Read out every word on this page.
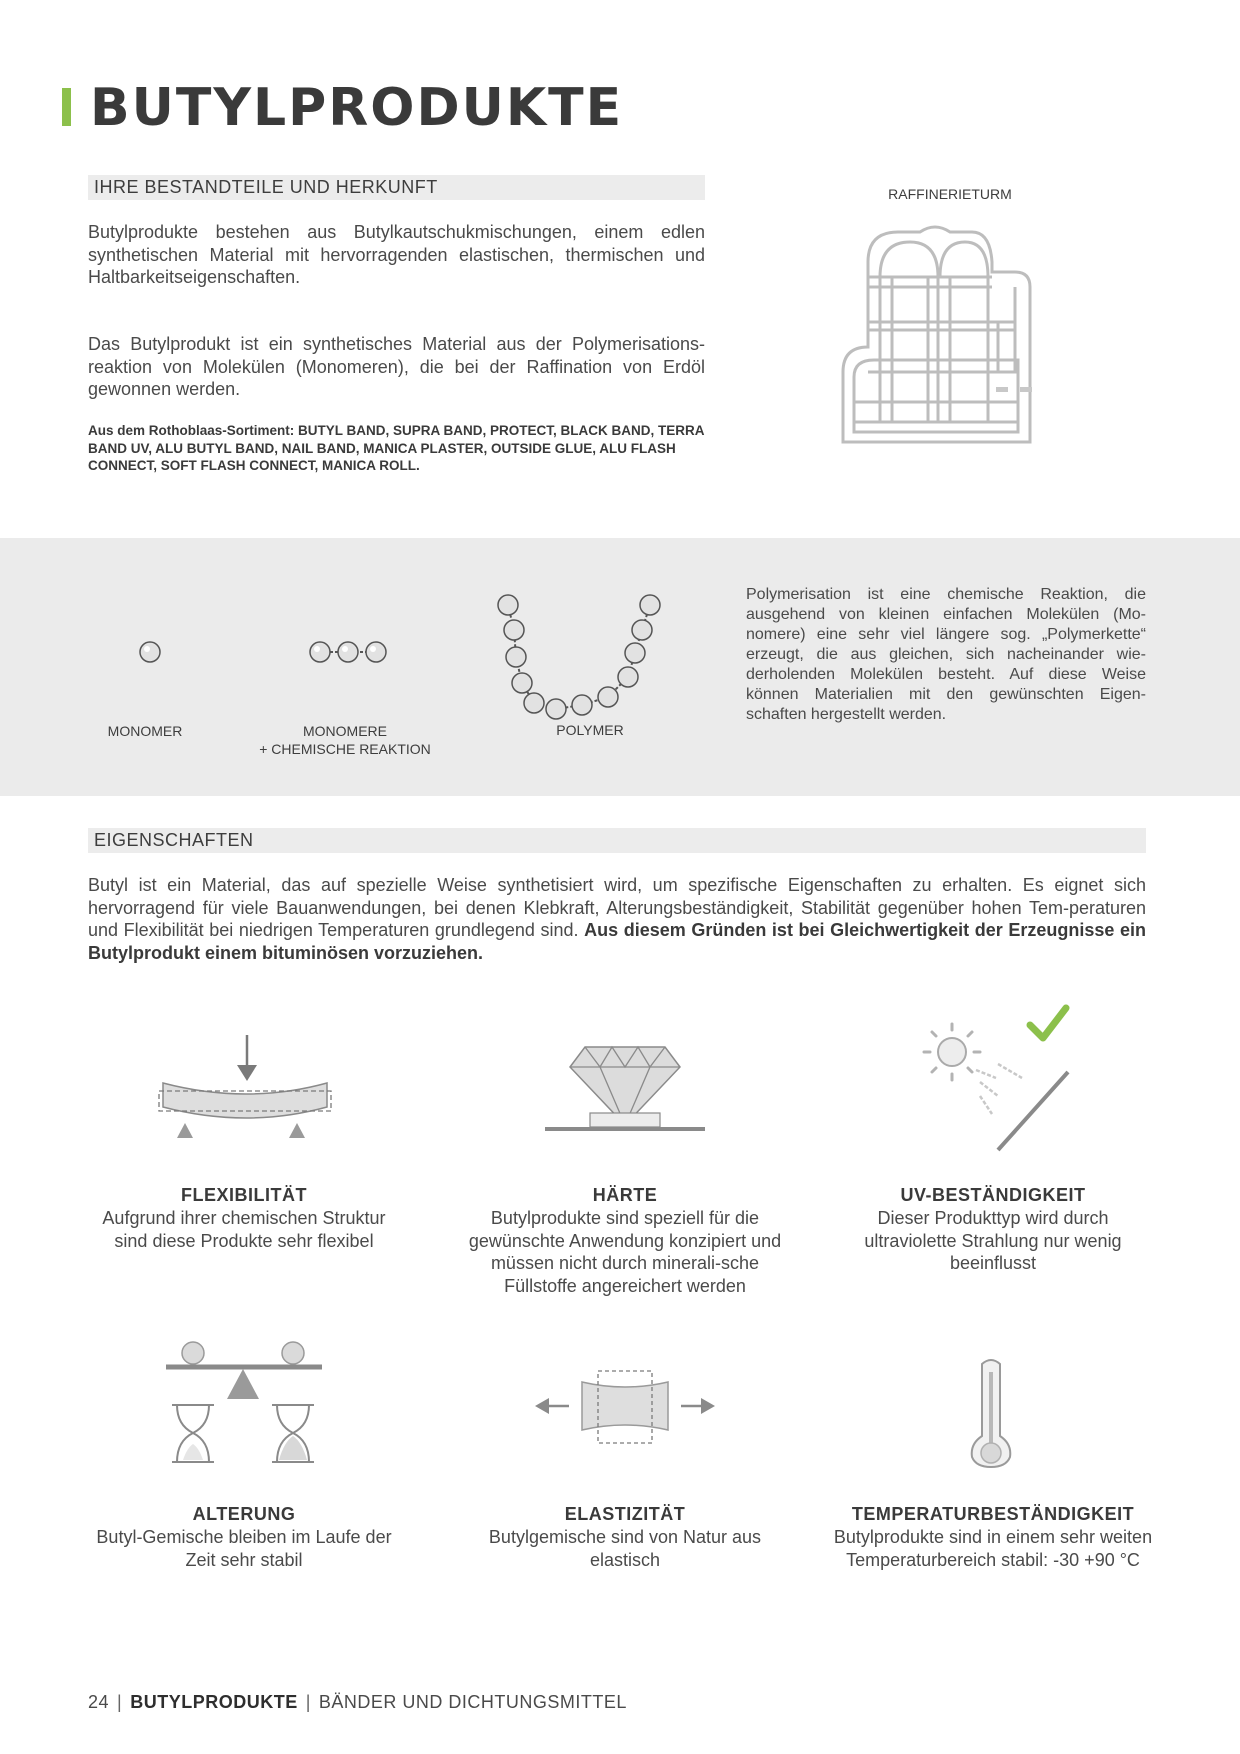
BUTYLPRODUKTE
IHRE BESTANDTEILE UND HERKUNFT

Butylprodukte bestehen aus Butylkautschukmischungen, einem edlen synthetischen Material mit hervorragenden elastischen, thermischen und Haltbarkeitseigenschaften.

Das Butylprodukt ist ein synthetisches Material aus der Polymerisations-reaktion von Molekülen (Monomeren), die bei der Raffination von Erdöl gewonnen werden.

Aus dem Rothoblaas-Sortiment: BUTYL BAND, SUPRA BAND, PROTECT, BLACK BAND, TERRA BAND UV, ALU BUTYL BAND, NAIL BAND, MANICA PLASTER, OUTSIDE GLUE, ALU FLASH CONNECT, SOFT FLASH CONNECT, MANICA ROLL.

RAFFINERIETURM
MONOMER	MONOMERE
+ CHEMISCHE REAKTION
POLYMER

Polymerisation ist eine chemische Reaktion, die ausgehend von kleinen einfachen Molekülen (Mo-nomere) eine sehr viel längere sog. „Polymerkette“ erzeugt, die aus gleichen, sich nacheinander wie-derholenden Molekülen besteht. Auf diese Weise können Materialien mit den gewünschten Eigen-schaften hergestellt werden.

EIGENSCHAFTEN

Butyl ist ein Material, das auf spezielle Weise synthetisiert wird, um spezifische Eigenschaften zu erhalten. Es eignet sich hervorragend für viele Bauanwendungen, bei denen Klebkraft, Alterungsbeständigkeit, Stabilität gegenüber hohen Tem-peraturen und Flexibilität bei niedrigen Temperaturen grundlegend sind. Aus diesem Gründen ist bei Gleichwertigkeit der Erzeugnisse ein Butylprodukt einem bituminösen vorzuziehen.

FLEXIBILITÄT
Aufgrund ihrer chemischen Struktur sind diese Produkte sehr flexibel
HÄRTE
Butylprodukte sind speziell für die gewünschte Anwendung konzipiert und müssen nicht durch minerali-sche Füllstoffe angereichert werden
UV-BESTÄNDIGKEIT
Dieser Produkttyp wird durch ultraviolette Strahlung nur wenig beeinflusst
ALTERUNG
Butyl-Gemische bleiben im Laufe der Zeit sehr stabil
ELASTIZITÄT
Butylgemische sind von Natur aus elastisch
TEMPERATURBESTÄNDIGKEIT
Butylprodukte sind in einem sehr weiten Temperaturbereich stabil: -30 +90 °C
24 | BUTYLPRODUKTE | BÄNDER UND DICHTUNGSMITTEL
